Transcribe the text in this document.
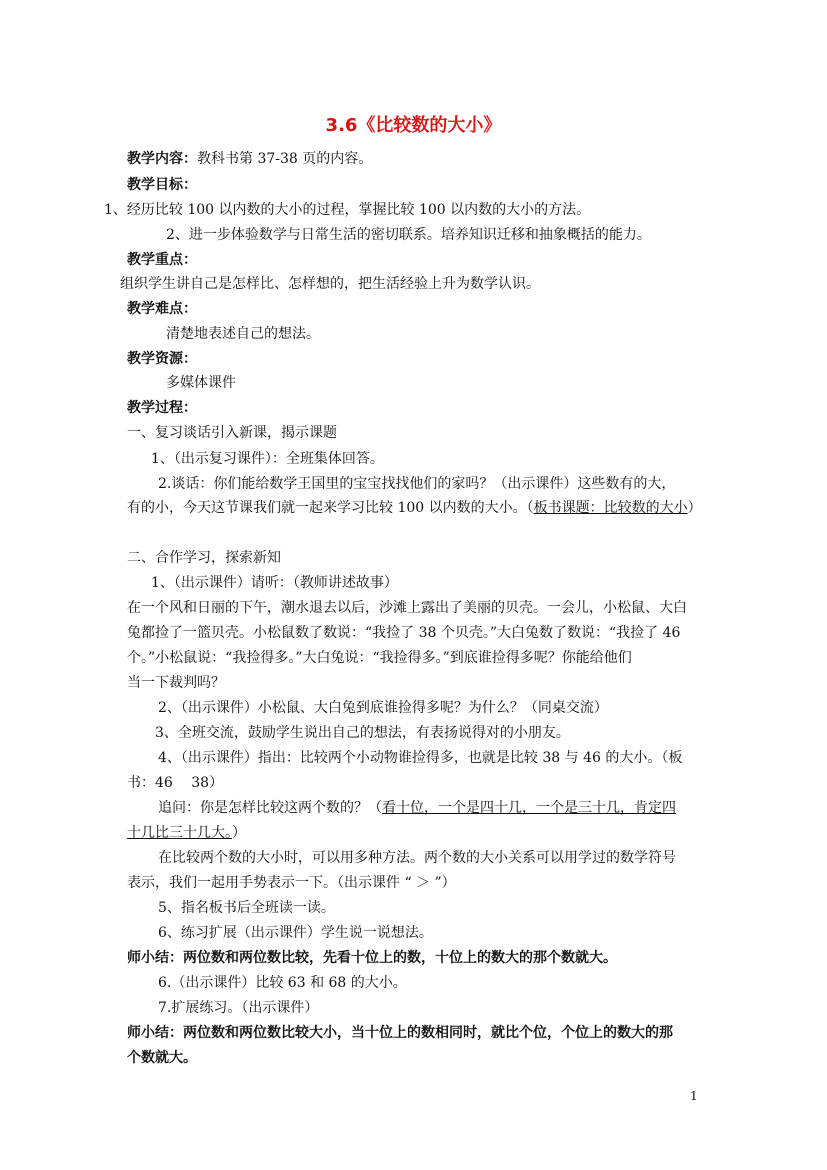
3.6《比较数的大小》
教学内容：教科书第 37-38 页的内容。
教学目标：
1、经历比较 100 以内数的大小的过程，掌握比较 100 以内数的大小的方法。
2、进一步体验数学与日常生活的密切联系。培养知识迁移和抽象概括的能力。
教学重点：
组织学生讲自己是怎样比、怎样想的，把生活经验上升为数学认识。
教学难点：
清楚地表述自己的想法。
教学资源：
多媒体课件
教学过程：
一、复习谈话引入新课，揭示课题
1、（出示复习课件）：全班集体回答。
2.谈话：你们能给数学王国里的宝宝找找他们的家吗？（出示课件）这些数有的大，
有的小，今天这节课我们就一起来学习比较 100 以内数的大小。（板书课题：比较数的大小）
二、合作学习，探索新知
1、（出示课件）请听：（教师讲述故事）
在一个风和日丽的下午，潮水退去以后，沙滩上露出了美丽的贝壳。一会儿，小松鼠、大白
兔都捡了一篮贝壳。小松鼠数了数说：“我捡了 38 个贝壳。”大白兔数了数说：“我捡了 46
个。”小松鼠说：“我捡得多。”大白兔说：“我捡得多。”到底谁捡得多呢？你能给他们
当一下裁判吗？
2、（出示课件）小松鼠、大白兔到底谁捡得多呢？为什么？（同桌交流）
3、全班交流，鼓励学生说出自己的想法，有表扬说得对的小朋友。
4、（出示课件）指出：比较两个小动物谁捡得多，也就是比较 38 与 46 的大小。（板
书：46　 38）
追问：你是怎样比较这两个数的？（看十位，一个是四十几，一个是三十几，肯定四
十几比三十几大。）
在比较两个数的大小时，可以用多种方法。两个数的大小关系可以用学过的数学符号
表示，我们一起用手势表示一下。（出示课件 “ ＞ ”）
5、指名板书后全班读一读。
6、练习扩展（出示课件）学生说一说想法。
师小结：两位数和两位数比较，先看十位上的数，十位上的数大的那个数就大。
6.（出示课件）比较 63 和 68 的大小。
7.扩展练习。（出示课件）
师小结：两位数和两位数比较大小，当十位上的数相同时，就比个位，个位上的数大的那
个数就大。
1
